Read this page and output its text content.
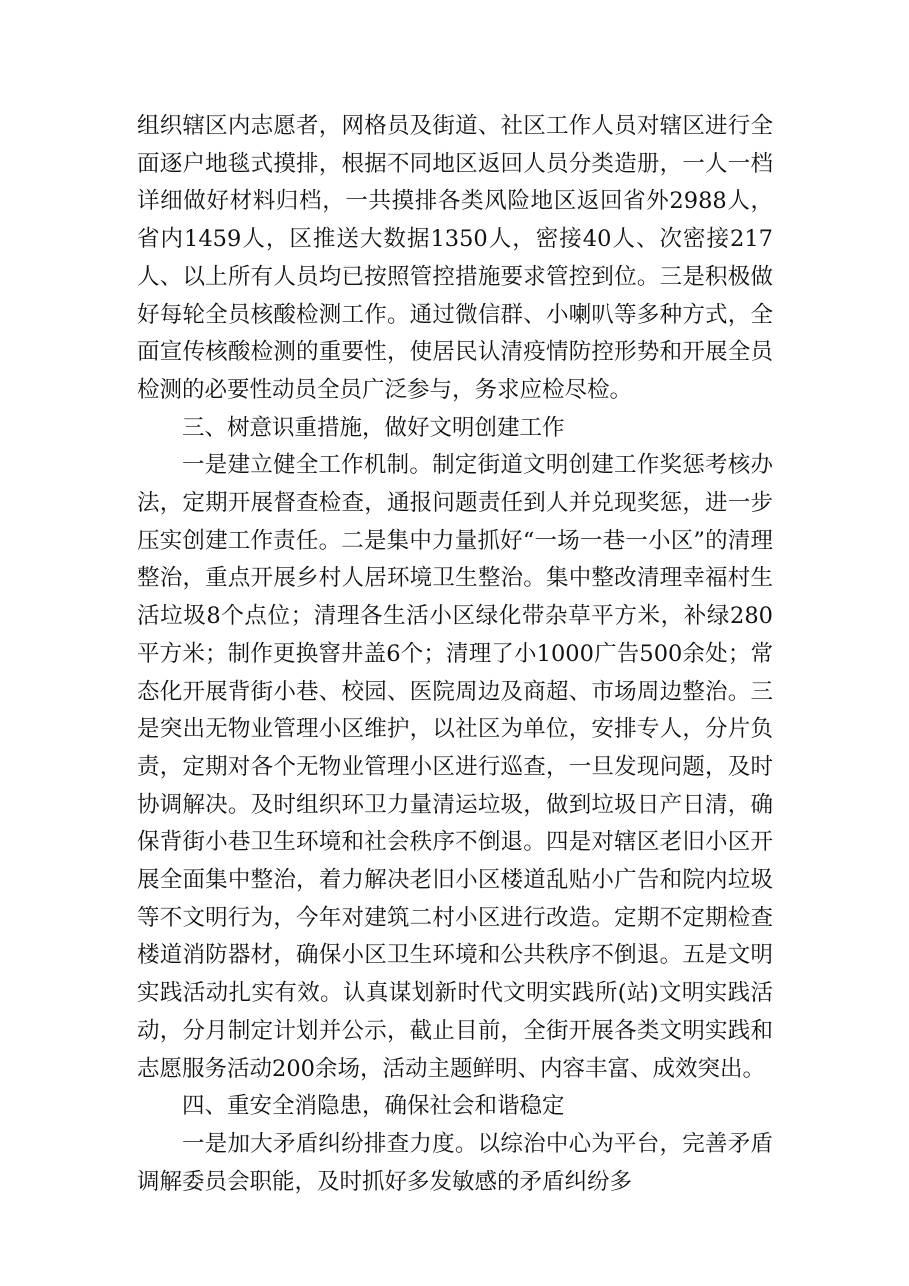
组织辖区内志愿者，网格员及街道、社区工作人员对辖区进行全面逐户地毯式摸排，根据不同地区返回人员分类造册，一人一档详细做好材料归档，一共摸排各类风险地区返回省外2988人，省内1459人，区推送大数据1350人，密接40人、次密接217人、以上所有人员均已按照管控措施要求管控到位。三是积极做好每轮全员核酸检测工作。通过微信群、小喇叭等多种方式，全面宣传核酸检测的重要性，使居民认清疫情防控形势和开展全员检测的必要性动员全员广泛参与，务求应检尽检。

三、树意识重措施，做好文明创建工作

一是建立健全工作机制。制定街道文明创建工作奖惩考核办法，定期开展督查检查，通报问题责任到人并兑现奖惩，进一步压实创建工作责任。二是集中力量抓好“一场一巷一小区”的清理整治，重点开展乡村人居环境卫生整治。集中整改清理幸福村生活垃圾8个点位；清理各生活小区绿化带杂草平方米，补绿280平方米；制作更换窨井盖6个；清理了小1000广告500余处；常态化开展背街小巷、校园、医院周边及商超、市场周边整治。三是突出无物业管理小区维护，以社区为单位，安排专人，分片负责，定期对各个无物业管理小区进行巡查，一旦发现问题，及时协调解决。及时组织环卫力量清运垃圾，做到垃圾日产日清，确保背街小巷卫生环境和社会秩序不倒退。四是对辖区老旧小区开展全面集中整治，着力解决老旧小区楼道乱贴小广告和院内垃圾等不文明行为，今年对建筑二村小区进行改造。定期不定期检查楼道消防器材，确保小区卫生环境和公共秩序不倒退。五是文明实践活动扎实有效。认真谋划新时代文明实践所(站)文明实践活动，分月制定计划并公示，截止目前，全街开展各类文明实践和志愿服务活动200余场，活动主题鲜明、内容丰富、成效突出。

四、重安全消隐患，确保社会和谐稳定

一是加大矛盾纠纷排查力度。以综治中心为平台，完善矛盾调解委员会职能，及时抓好多发敏感的矛盾纠纷多
